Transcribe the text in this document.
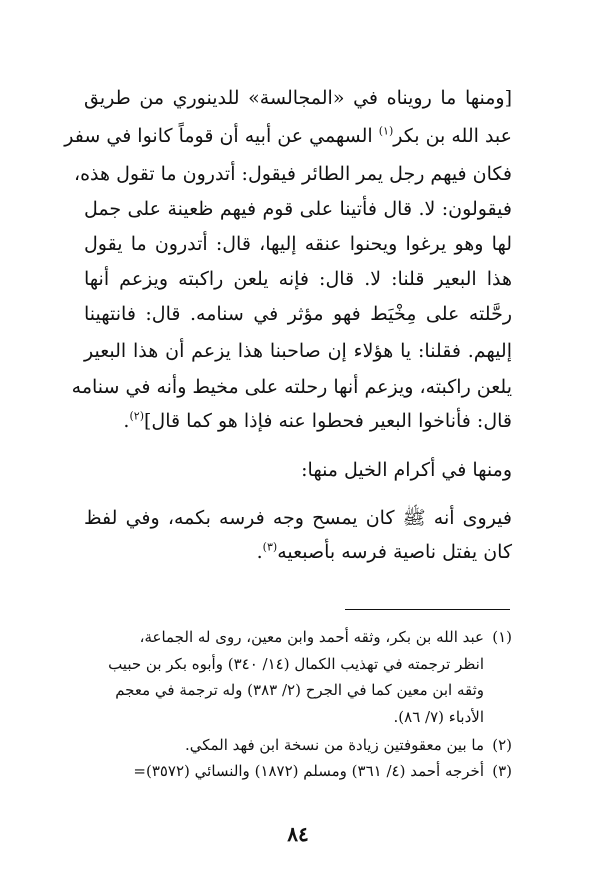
[ومنها ما رويناه في «المجالسة» للدينوري من طريق
عبد الله بن بكر$^{(١)}$ السهمي عن أبيه أن قوماً كانوا في سفر
فكان فيهم رجل يمر الطائر فيقول: أتدرون ما تقول هذه،
فيقولون: لا. قال فأتينا على قوم فيهم ظعينة على جمل
لها وهو يرغوا ويحنوا عنقه إليها، قال: أتدرون ما يقول
هذا البعير قلنا: لا. قال: فإنه يلعن راكبته ويزعم أنها
رحَّلته على مِخْيَط فهو مؤثر في سنامه. قال: فانتهينا
إليهم. فقلنا: يا هؤلاء إن صاحبنا هذا يزعم أن هذا البعير
يلعن راكبته، ويزعم أنها رحلته على مخيط وأنه في سنامه
قال: فأناخوا البعير فحطوا عنه فإذا هو كما قال]$^{(٢)}$.
ومنها في أكرام الخيل منها:
فيروى أنه ﷺ كان يمسح وجه فرسه بكمه، وفي لفظ
كان يفتل ناصية فرسه بأصبعيه$^{(٣)}$.
(١)عبد الله بن بكر، وثقه أحمد وابن معين، روى له الجماعة،
انظر ترجمته في تهذيب الكمال (١٤/ ٣٤٠) وأبوه بكر بن حبيب
وثقه ابن معين كما في الجرح (٢/ ٣٨٣) وله ترجمة في معجم
الأدباء (٧/ ٨٦).
(٢)ما بين معقوفتين زيادة من نسخة ابن فهد المكي.
(٣)أخرجه أحمد (٤/ ٣٦١) ومسلم (١٨٧٢) والنسائي (٣٥٧٢)=
٨٤
